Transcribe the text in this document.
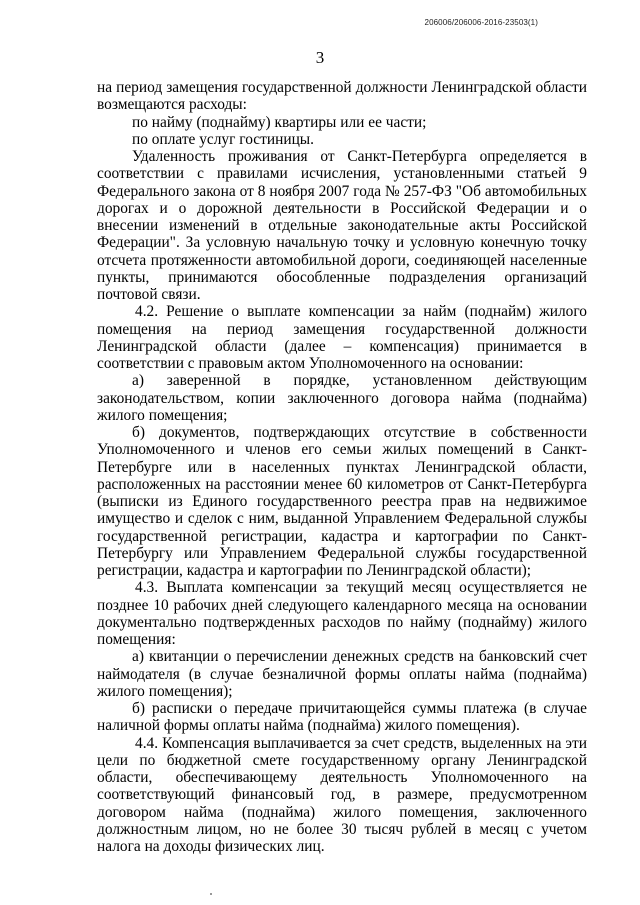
206006/206006-2016-23503(1)
3

на период замещения государственной должности Ленинградской области возмещаются расходы:

по найму (поднайму) квартиры или ее части;

по оплате услуг гостиницы.

Удаленность проживания от Санкт-Петербурга определяется в соответствии с правилами исчисления, установленными статьей 9 Федерального закона от 8 ноября 2007 года № 257-ФЗ "Об автомобильных дорогах и о дорожной деятельности в Российской Федерации и о внесении изменений в отдельные законодательные акты Российской Федерации". За условную начальную точку и условную конечную точку отсчета протяженности автомобильной дороги, соединяющей населенные пункты, принимаются обособленные подразделения организаций почтовой связи.

4.2. Решение о выплате компенсации за найм (поднайм) жилого помещения на период замещения государственной должности Ленинградской области (далее – компенсация) принимается в соответствии с правовым актом Уполномоченного на основании:

а) заверенной в порядке, установленном действующим законодательством, копии заключенного договора найма (поднайма) жилого помещения;

б) документов, подтверждающих отсутствие в собственности Уполномоченного и членов его семьи жилых помещений в Санкт-Петербурге или в населенных пунктах Ленинградской области, расположенных на расстоянии менее 60 километров от Санкт-Петербурга (выписки из Единого государственного реестра прав на недвижимое имущество и сделок с ним, выданной Управлением Федеральной службы государственной регистрации, кадастра и картографии по Санкт-Петербургу или Управлением Федеральной службы государственной регистрации, кадастра и картографии по Ленинградской области);

4.3. Выплата компенсации за текущий месяц осуществляется не позднее 10 рабочих дней следующего календарного месяца на основании документально подтвержденных расходов по найму (поднайму) жилого помещения:

а) квитанции о перечислении денежных средств на банковский счет наймодателя (в случае безналичной формы оплаты найма (поднайма) жилого помещения);

б) расписки о передаче причитающейся суммы платежа (в случае наличной формы оплаты найма (поднайма) жилого помещения).

4.4. Компенсация выплачивается за счет средств, выделенных на эти цели по бюджетной смете государственному органу Ленинградской области, обеспечивающему деятельность Уполномоченного на соответствующий финансовый год, в размере, предусмотренном договором найма (поднайма) жилого помещения, заключенного должностным лицом, но не более 30 тысяч рублей в месяц с учетом налога на доходы физических лиц.
